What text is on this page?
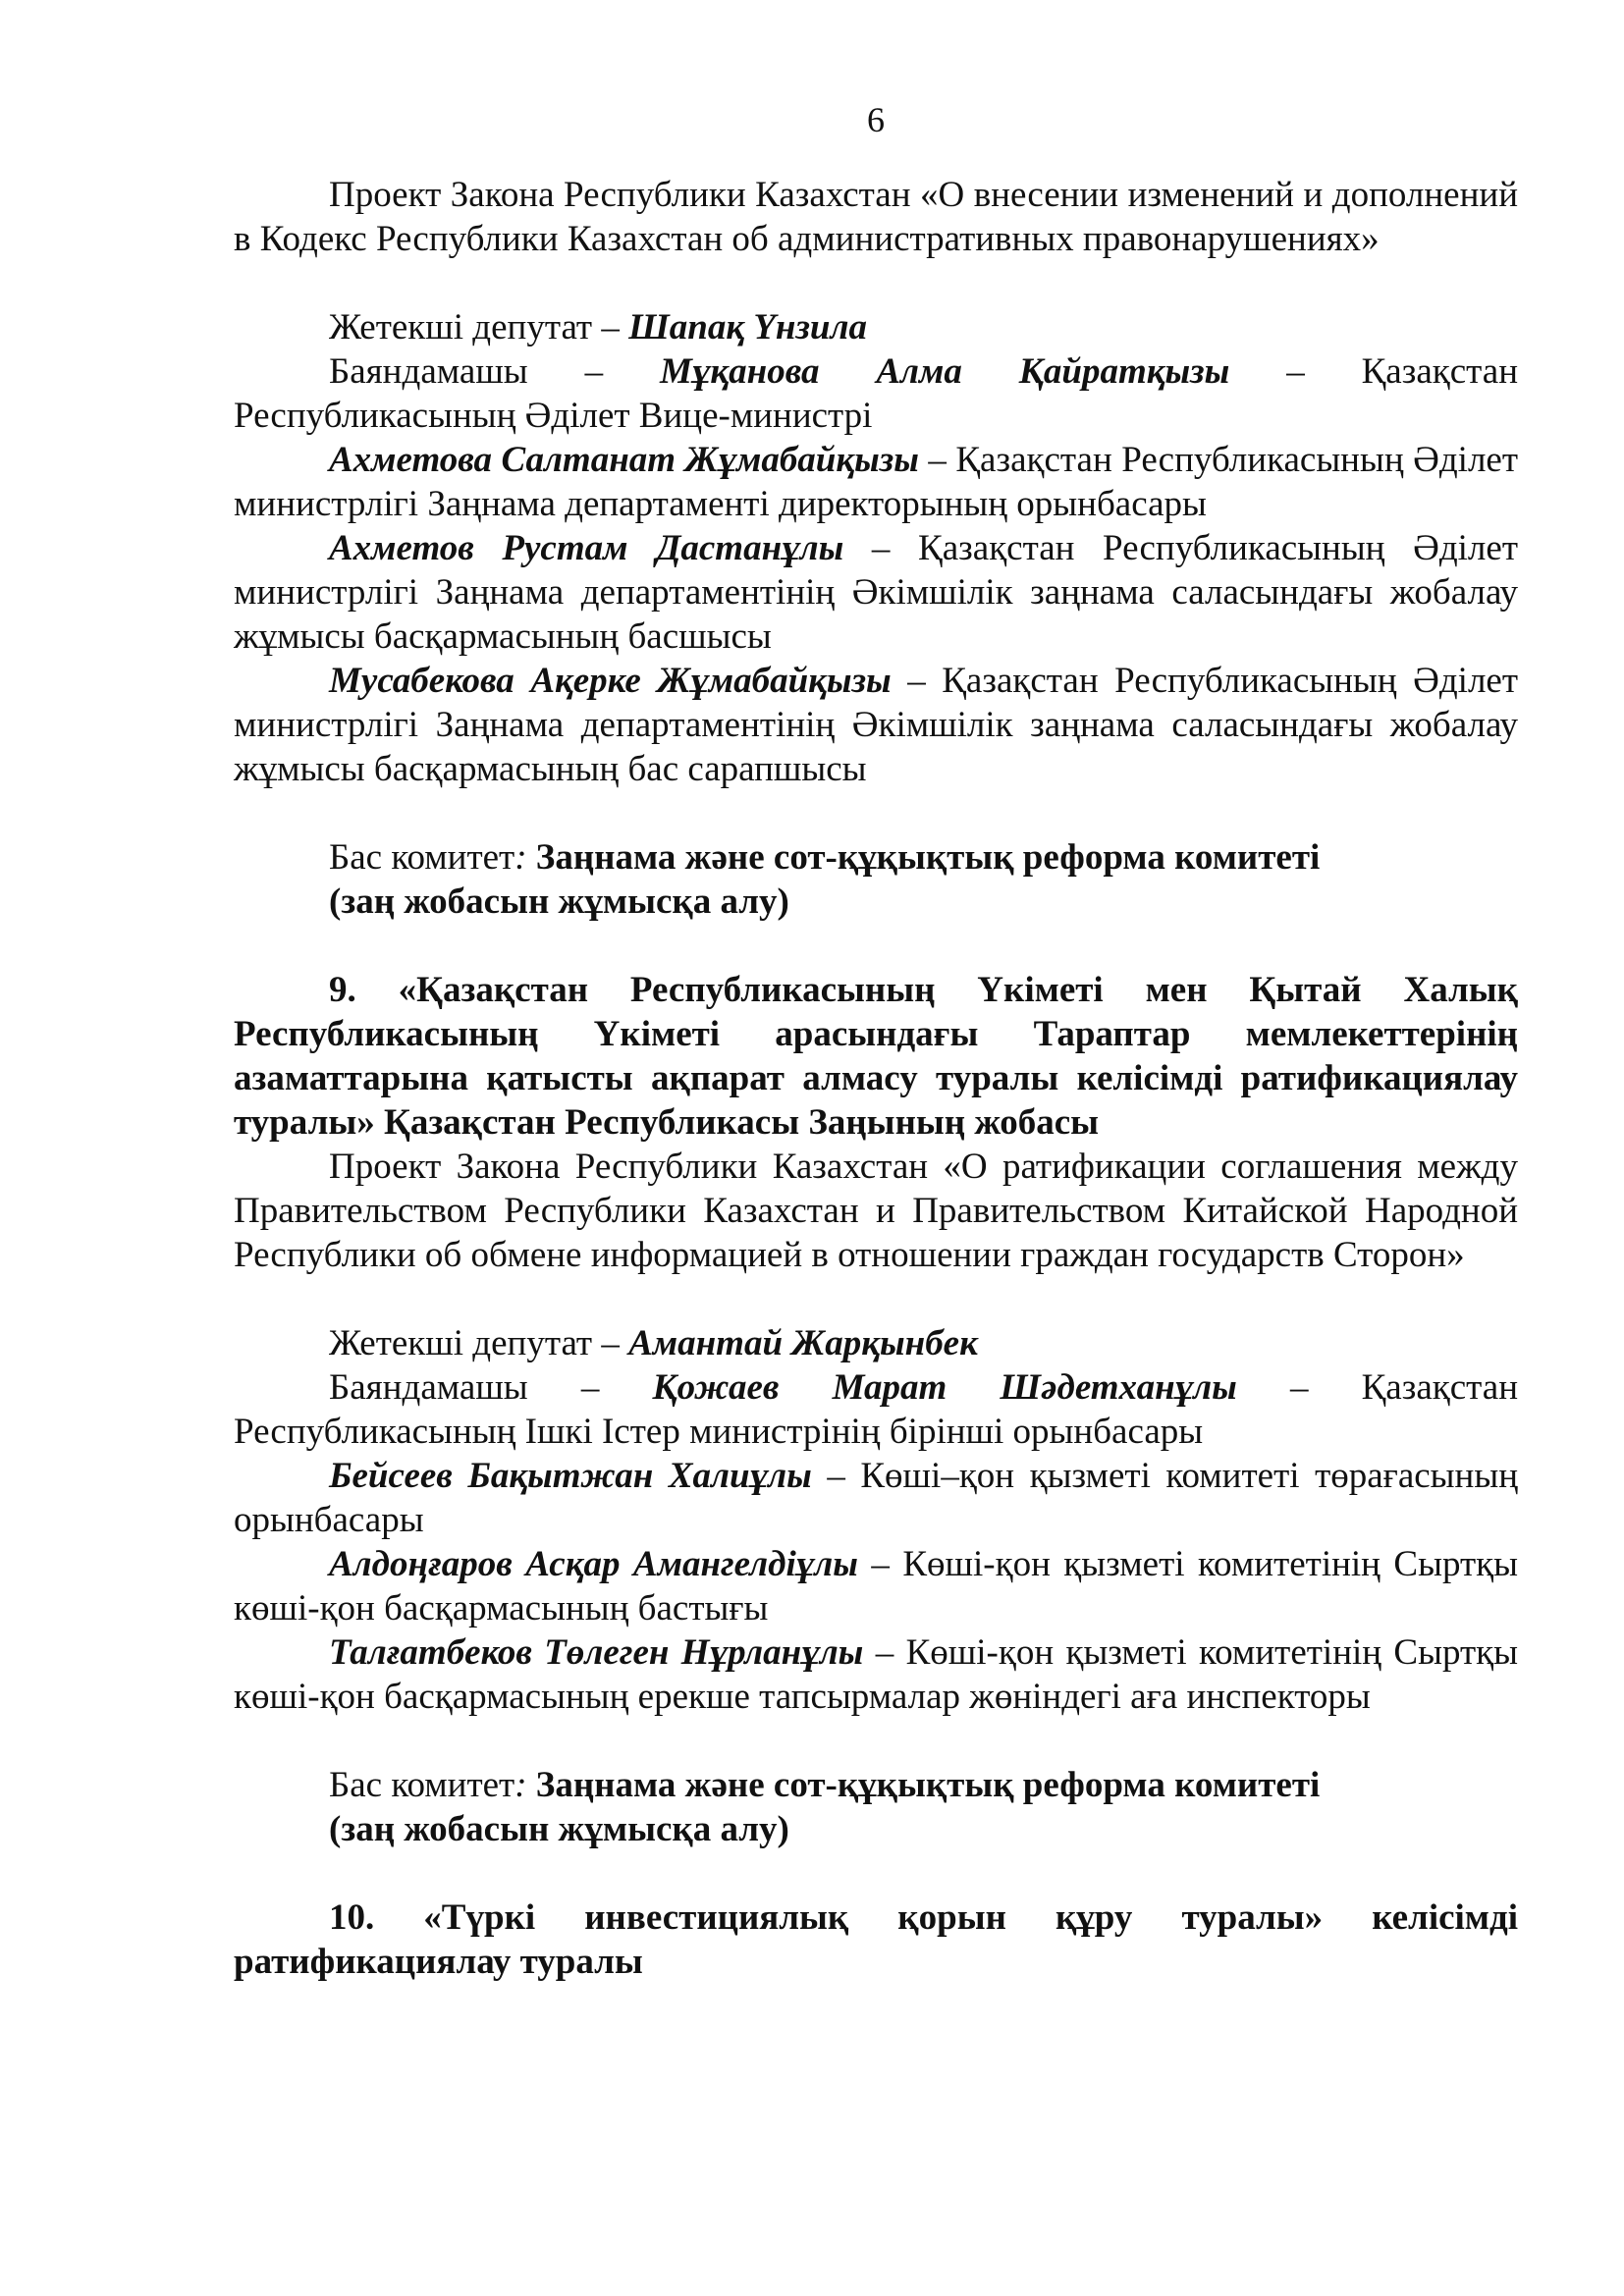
6

Проект Закона Республики Казахстан «О внесении изменений и дополнений в Кодекс Республики Казахстан об административных правонарушениях»

Жетекші депутат – Шапақ Үнзила

Баяндамашы – Мұқанова Алма Қайратқызы – Қазақстан Республикасының Әділет Вице-министрі

Ахметова Салтанат Жұмабайқызы – Қазақстан Республикасының Әділет министрлігі Заңнама департаменті директорының орынбасары

Ахметов Рустам Дастанұлы – Қазақстан Республикасының Әділет министрлігі Заңнама департаментінің Әкімшілік заңнама саласындағы жобалау жұмысы басқармасының басшысы

Мусабекова Ақерке Жұмабайқызы – Қазақстан Республикасының Әділет министрлігі Заңнама департаментінің Әкімшілік заңнама саласындағы жобалау жұмысы басқармасының бас сарапшысы

Бас комитет: Заңнама және сот-құқықтық реформа комитеті

(заң жобасын жұмысқа алу)

9. «Қазақстан Республикасының Үкіметі мен Қытай Халық Республикасының Үкіметі арасындағы Тараптар мемлекеттерінің азаматтарына қатысты ақпарат алмасу туралы келісімді ратификациялау туралы» Қазақстан Республикасы Заңының жобасы

Проект Закона Республики Казахстан «О ратификации соглашения между Правительством Республики Казахстан и Правительством Китайской Народной Республики об обмене информацией в отношении граждан государств Сторон»

Жетекші депутат – Амантай Жарқынбек

Баяндамашы – Қожаев Марат Шәдетханұлы – Қазақстан Республикасының Ішкі Істер министрінің бірінші орынбасары

Бейсеев Бақытжан Халиұлы – Көші–қон қызметі комитеті төрағасының орынбасары

Алдоңғаров Асқар Амангелдіұлы – Көші-қон қызметі комитетінің Сыртқы көші-қон басқармасының бастығы

Талғатбеков Төлеген Нұрланұлы – Көші-қон қызметі комитетінің Сыртқы көші-қон басқармасының ерекше тапсырмалар жөніндегі аға инспекторы

Бас комитет: Заңнама және сот-құқықтық реформа комитеті

(заң жобасын жұмысқа алу)

10. «Түркі инвестициялық қорын құру туралы» келісімді ратификациялау туралы
